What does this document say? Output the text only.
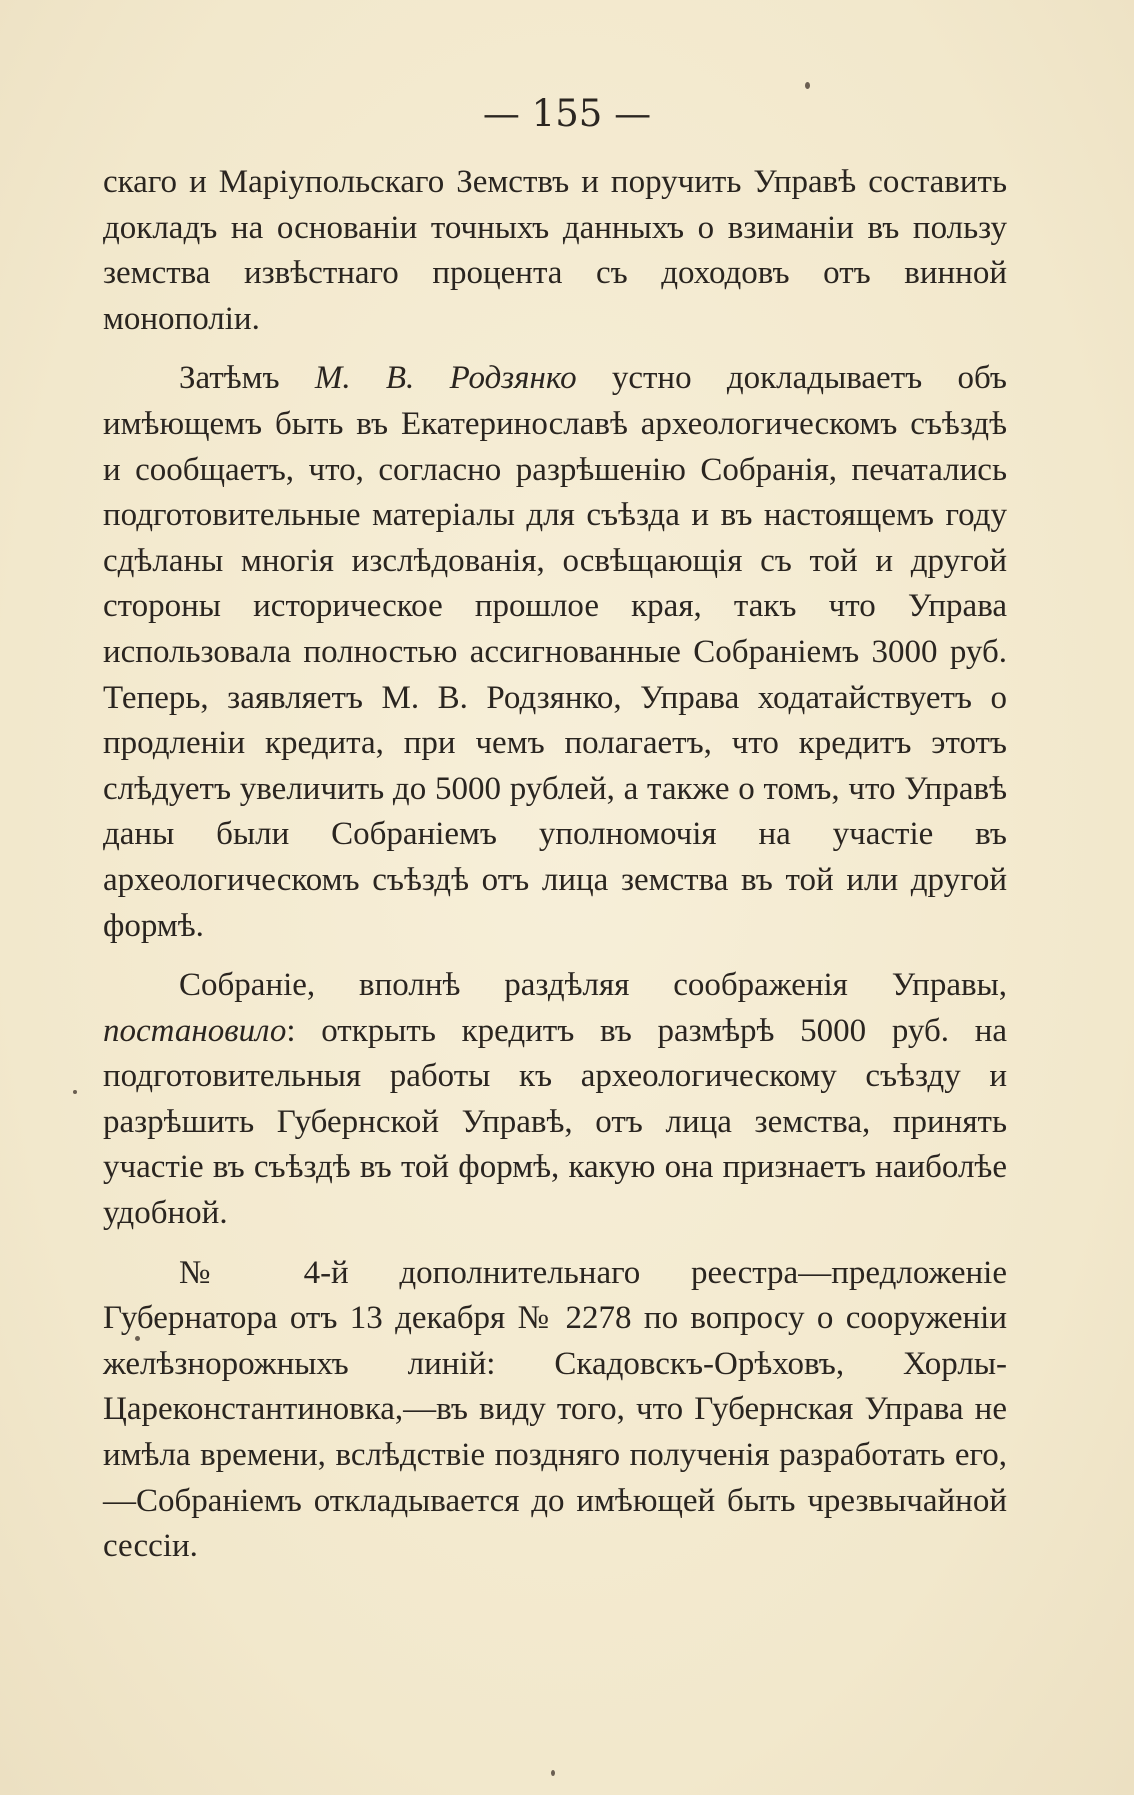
— 155 —

скаго и Маріупольскаго Земствъ и поручить Управѣ составить докладъ на основаніи точныхъ данныхъ о взиманіи въ пользу земства извѣстнаго процента съ доходовъ отъ винной монополіи.

Затѣмъ М. В. Родзянко устно докладываетъ объ имѣющемъ быть въ Екатеринославѣ археологическомъ съѣздѣ и сообщаетъ, что, согласно разрѣшенію Собранія, печатались подготовительные матеріалы для съѣзда и въ настоящемъ году сдѣланы многія изслѣдованія, освѣщающія съ той и другой стороны историческое прошлое края, такъ что Управа использовала полностью ассигнованные Собраніемъ 3000 руб. Теперь, заявляетъ М. В. Родзянко, Управа ходатайствуетъ о продленіи кредита, при чемъ полагаетъ, что кредитъ этотъ слѣдуетъ увеличить до 5000 рублей, а также о томъ, что Управѣ даны были Собраніемъ уполномочія на участіе въ археологическомъ съѣздѣ отъ лица земства въ той или другой формѣ.

Собраніе, вполнѣ раздѣляя соображенія Управы, постановило: открыть кредитъ въ размѣрѣ 5000 руб. на подготовительныя работы къ археологическому съѣзду и разрѣшить Губернской Управѣ, отъ лица земства, принять участіе въ съѣздѣ въ той формѣ, какую она признаетъ наиболѣе удобной.

№ 4-й дополнительнаго реестра—предложеніе Губернатора отъ 13 декабря № 2278 по вопросу о сооруженіи желѣзнорожныхъ линій: Скадовскъ-Орѣховъ, Хорлы-Цареконстантиновка,—въ виду того, что Губернская Управа не имѣла времени, вслѣдствіе поздняго полученія разработать его,—Собраніемъ откладывается до имѣющей быть чрезвычайной сессіи.
